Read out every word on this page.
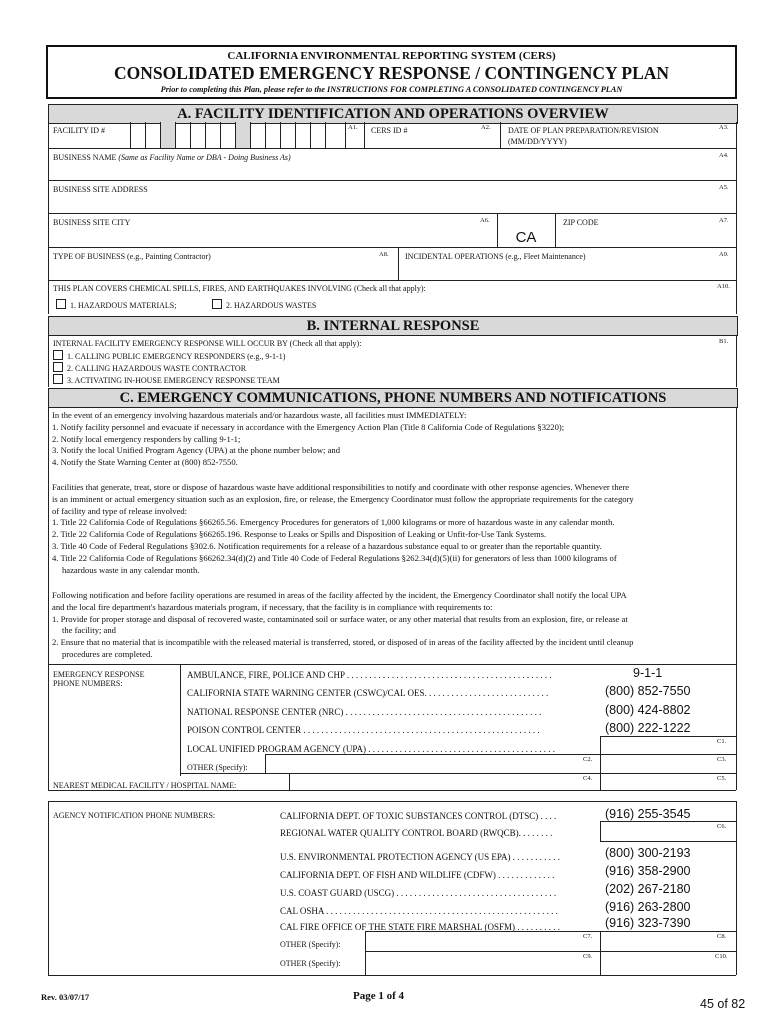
CALIFORNIA ENVIRONMENTAL REPORTING SYSTEM (CERS)
CONSOLIDATED EMERGENCY RESPONSE / CONTINGENCY PLAN
Prior to completing this Plan, please refer to the INSTRUCTIONS FOR COMPLETING A CONSOLIDATED CONTINGENCY PLAN
A. FACILITY IDENTIFICATION AND OPERATIONS OVERVIEW
FACILITY ID #	A1. CERS ID #	A2. DATE OF PLAN PREPARATION/REVISION
(MM/DD/YYYY)
A3.
BUSINESS NAME (Same as Facility Name or DBA - Doing Business As)	A4.
BUSINESS SITE ADDRESS	A5.
BUSINESS SITE CITY	A6.
CA
ZIP CODE	A7.
TYPE OF BUSINESS (e.g., Painting Contractor)	A8. INCIDENTAL OPERATIONS (e.g., Fleet Maintenance)	A9.
THIS PLAN COVERS CHEMICAL SPILLS, FIRES, AND EARTHQUAKES INVOLVING (Check all that apply):	A10.
1. HAZARDOUS MATERIALS;	2. HAZARDOUS WASTES
B. INTERNAL RESPONSE
INTERNAL FACILITY EMERGENCY RESPONSE WILL OCCUR BY (Check all that apply):	B1.
1. CALLING PUBLIC EMERGENCY RESPONDERS (e.g., 9-1-1)
2. CALLING HAZARDOUS WASTE CONTRACTOR
3. ACTIVATING IN-HOUSE EMERGENCY RESPONSE TEAM
C. EMERGENCY COMMUNICATIONS, PHONE NUMBERS AND NOTIFICATIONS
In the event of an emergency involving hazardous materials and/or hazardous waste, all facilities must IMMEDIATELY:
1. Notify facility personnel and evacuate if necessary in accordance with the Emergency Action Plan (Title 8 California Code of Regulations §3220);
2. Notify local emergency responders by calling 9-1-1;
3. Notify the local Unified Program Agency (UPA) at the phone number below; and
4. Notify the State Warning Center at (800) 852-7550.
Facilities that generate, treat, store or dispose of hazardous waste have additional responsibilities to notify and coordinate with other response agencies. Whenever there
is an imminent or actual emergency situation such as an explosion, fire, or release, the Emergency Coordinator must follow the appropriate requirements for the category
of facility and type of release involved:
1. Title 22 California Code of Regulations §66265.56. Emergency Procedures for generators of 1,000 kilograms or more of hazardous waste in any calendar month.
2. Title 22 California Code of Regulations §66265.196. Response to Leaks or Spills and Disposition of Leaking or Unfit-for-Use Tank Systems.
3. Title 40 Code of Federal Regulations §302.6. Notification requirements for a release of a hazardous substance equal to or greater than the reportable quantity.
4. Title 22 California Code of Regulations §66262.34(d)(2) and Title 40 Code of Federal Regulations §262.34(d)(5)(ii) for generators of less than 1000 kilograms of
hazardous waste in any calendar month.
Following notification and before facility operations are resumed in areas of the facility affected by the incident, the Emergency Coordinator shall notify the local UPA
and the local fire department's hazardous materials program, if necessary, that the facility is in compliance with requirements to:
1. Provide for proper storage and disposal of recovered waste, contaminated soil or surface water, or any other material that results from an explosion, fire, or release at
the facility; and
2. Ensure that no material that is incompatible with the released material is transferred, stored, or disposed of in areas of the facility affected by the incident until cleanup
procedures are completed.
EMERGENCY RESPONSE
PHONE NUMBERS:
AMBULANCE, FIRE, POLICE AND CHP . . . . . . . . . . . . . . . . . . . . . . . . . . . . . . . . . . . . . . . . . . . . . .	9-1-1
CALIFORNIA STATE WARNING CENTER (CSWC)/CAL OES. . . . . . . . . . . . . . . . . . . . . . . . . . . .	(800) 852-7550
NATIONAL RESPONSE CENTER (NRC) . . . . . . . . . . . . . . . . . . . . . . . . . . . . . . . . . . . . . . . . . . . .	(800) 424-8802
POISON CONTROL CENTER . . . . . . . . . . . . . . . . . . . . . . . . . . . . . . . . . . . . . . . . . . . . . . . . . . . . .	(800) 222-1222
C1.
LOCAL UNIFIED PROGRAM AGENCY (UPA) . . . . . . . . . . . . . . . . . . . . . . . . . . . . . . . . . . . . . . . . . .
C2.	C3.
OTHER (Specify):
C4.	C5.
NEAREST MEDICAL FACILITY / HOSPITAL NAME:
AGENCY NOTIFICATION PHONE NUMBERS:	CALIFORNIA DEPT. OF TOXIC SUBSTANCES CONTROL (DTSC) . . . .	(916) 255-3545
C6.
REGIONAL WATER QUALITY CONTROL BOARD (RWQCB). . . . . . . .
U.S. ENVIRONMENTAL PROTECTION AGENCY (US EPA) . . . . . . . . . . .	(800) 300-2193
CALIFORNIA DEPT. OF FISH AND WILDLIFE (CDFW) . . . . . . . . . . . . .	(916) 358-2900
U.S. COAST GUARD (USCG) . . . . . . . . . . . . . . . . . . . . . . . . . . . . . . . . . . . .	(202) 267-2180
CAL OSHA . . . . . . . . . . . . . . . . . . . . . . . . . . . . . . . . . . . . . . . . . . . . . . . . . . . .	(916) 263-2800
CAL FIRE OFFICE OF THE STATE FIRE MARSHAL (OSFM) . . . . . . . . . .	(916) 323-7390
C7.	C8.
OTHER (Specify):
C9.	C10.
OTHER (Specify):
Rev. 03/07/17	Page 1 of 4
45 of 82
